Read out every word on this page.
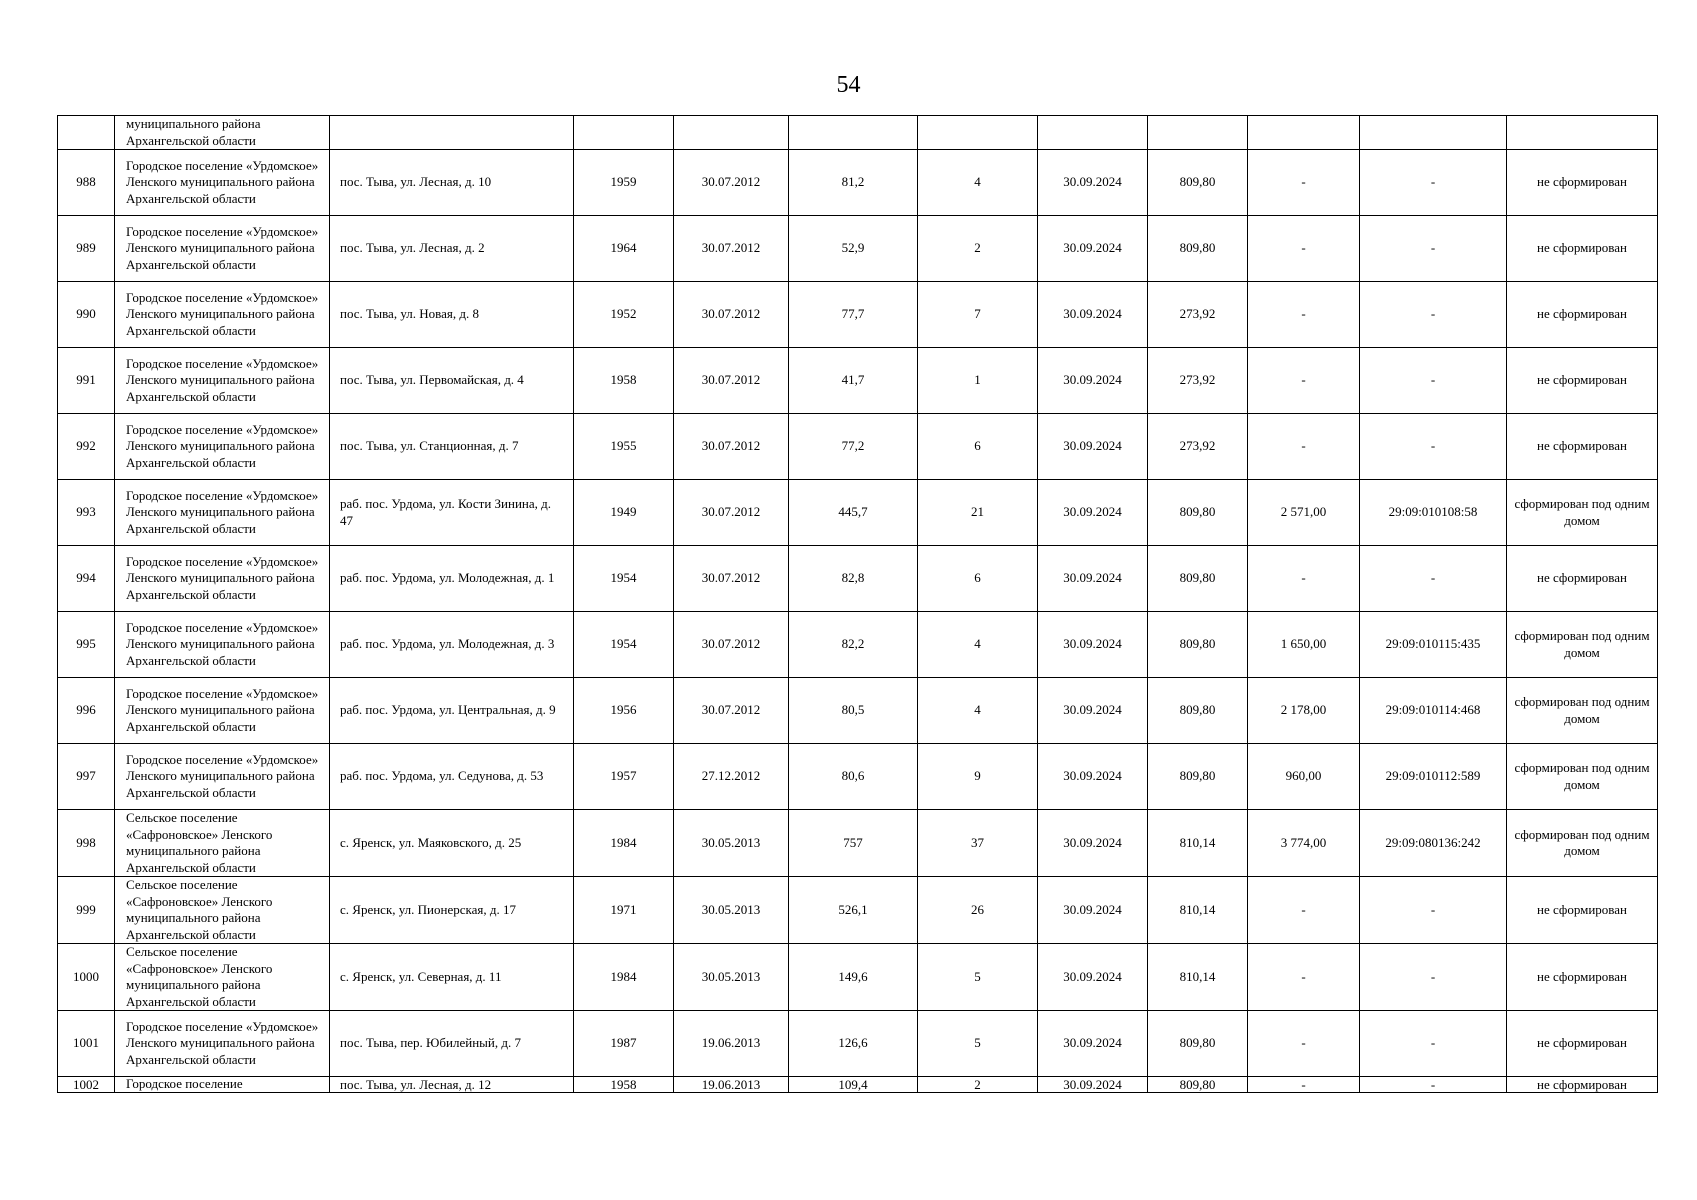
54
	муниципального района Архангельской области										
988	Городское поселение «Урдомское» Ленского муниципального района Архангельской области	пос. Тыва, ул. Лесная, д. 10	1959	30.07.2012	81,2	4	30.09.2024	809,80	-	-	не сформирован
989	Городское поселение «Урдомское» Ленского муниципального района Архангельской области	пос. Тыва, ул. Лесная, д. 2	1964	30.07.2012	52,9	2	30.09.2024	809,80	-	-	не сформирован
990	Городское поселение «Урдомское» Ленского муниципального района Архангельской области	пос. Тыва, ул. Новая, д. 8	1952	30.07.2012	77,7	7	30.09.2024	273,92	-	-	не сформирован
991	Городское поселение «Урдомское» Ленского муниципального района Архангельской области	пос. Тыва, ул. Первомайская, д. 4	1958	30.07.2012	41,7	1	30.09.2024	273,92	-	-	не сформирован
992	Городское поселение «Урдомское» Ленского муниципального района Архангельской области	пос. Тыва, ул. Станционная, д. 7	1955	30.07.2012	77,2	6	30.09.2024	273,92	-	-	не сформирован
993	Городское поселение «Урдомское» Ленского муниципального района Архангельской области	раб. пос. Урдома, ул. Кости Зинина, д. 47	1949	30.07.2012	445,7	21	30.09.2024	809,80	2 571,00	29:09:010108:58	сформирован под одним домом
994	Городское поселение «Урдомское» Ленского муниципального района Архангельской области	раб. пос. Урдома, ул. Молодежная, д. 1	1954	30.07.2012	82,8	6	30.09.2024	809,80	-	-	не сформирован
995	Городское поселение «Урдомское» Ленского муниципального района Архангельской области	раб. пос. Урдома, ул. Молодежная, д. 3	1954	30.07.2012	82,2	4	30.09.2024	809,80	1 650,00	29:09:010115:435	сформирован под одним домом
996	Городское поселение «Урдомское» Ленского муниципального района Архангельской области	раб. пос. Урдома, ул. Центральная, д. 9	1956	30.07.2012	80,5	4	30.09.2024	809,80	2 178,00	29:09:010114:468	сформирован под одним домом
997	Городское поселение «Урдомское» Ленского муниципального района Архангельской области	раб. пос. Урдома, ул. Седунова, д. 53	1957	27.12.2012	80,6	9	30.09.2024	809,80	960,00	29:09:010112:589	сформирован под одним домом
998	Сельское поселение «Сафроновское» Ленского муниципального района Архангельской области	с. Яренск, ул. Маяковского, д. 25	1984	30.05.2013	757	37	30.09.2024	810,14	3 774,00	29:09:080136:242	сформирован под одним домом
999	Сельское поселение «Сафроновское» Ленского муниципального района Архангельской области	с. Яренск, ул. Пионерская, д. 17	1971	30.05.2013	526,1	26	30.09.2024	810,14	-	-	не сформирован
1000	Сельское поселение «Сафроновское» Ленского муниципального района Архангельской области	с. Яренск, ул. Северная, д. 11	1984	30.05.2013	149,6	5	30.09.2024	810,14	-	-	не сформирован
1001	Городское поселение «Урдомское» Ленского муниципального района Архангельской области	пос. Тыва, пер. Юбилейный, д. 7	1987	19.06.2013	126,6	5	30.09.2024	809,80	-	-	не сформирован
1002	Городское поселение	пос. Тыва, ул. Лесная, д. 12	1958	19.06.2013	109,4	2	30.09.2024	809,80	-	-	не сформирован
